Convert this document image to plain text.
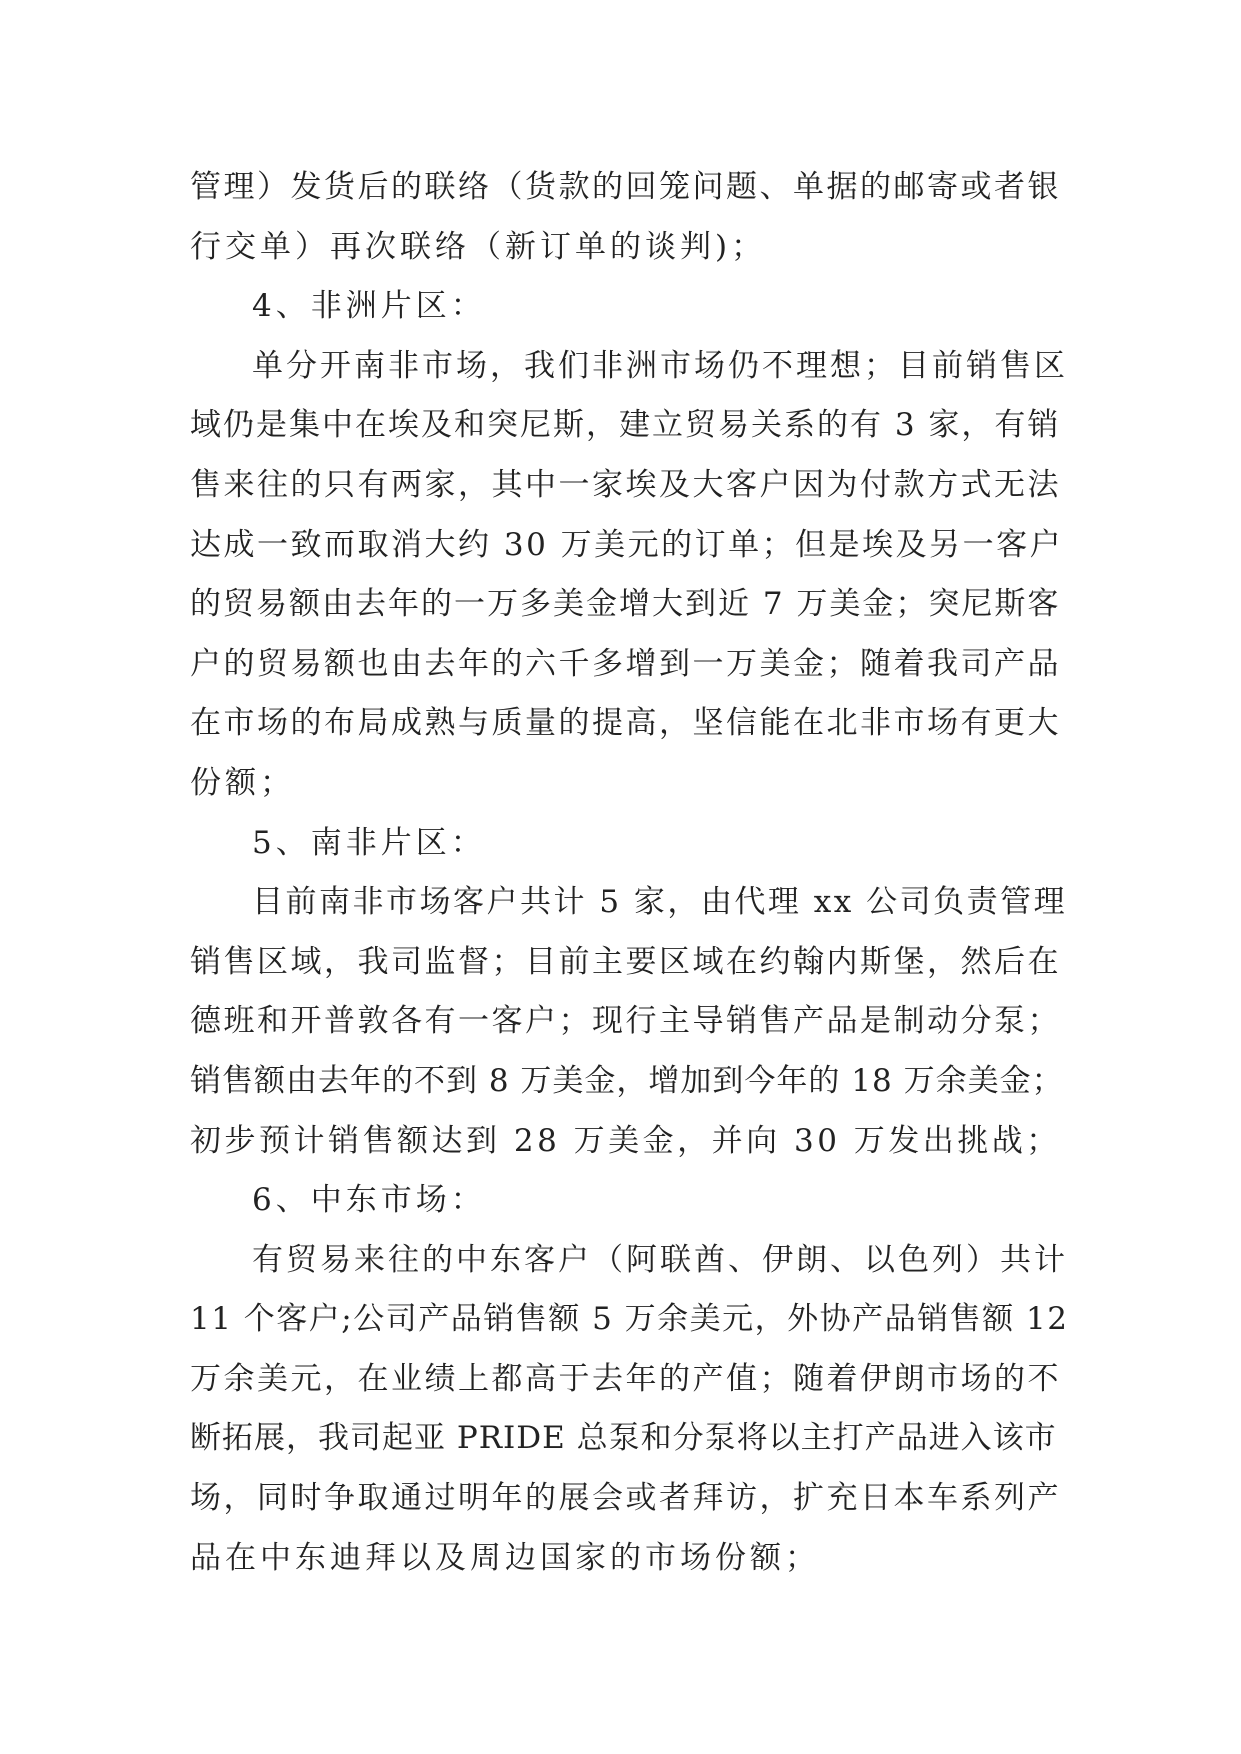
管理）发货后的联络（货款的回笼问题、单据的邮寄或者银
行交单）再次联络（新订单的谈判)；
4、非洲片区：
单分开南非市场，我们非洲市场仍不理想；目前销售区
域仍是集中在埃及和突尼斯，建立贸易关系的有 3 家，有销
售来往的只有两家，其中一家埃及大客户因为付款方式无法
达成一致而取消大约 30 万美元的订单；但是埃及另一客户
的贸易额由去年的一万多美金增大到近 7 万美金；突尼斯客
户的贸易额也由去年的六千多增到一万美金；随着我司产品
在市场的布局成熟与质量的提高，坚信能在北非市场有更大
份额；
5、南非片区：
目前南非市场客户共计 5 家，由代理 xx 公司负责管理
销售区域，我司监督；目前主要区域在约翰内斯堡，然后在
德班和开普敦各有一客户；现行主导销售产品是制动分泵；
销售额由去年的不到 8 万美金，增加到今年的 18 万余美金；
初步预计销售额达到 28 万美金，并向 30 万发出挑战；
6、中东市场：
有贸易来往的中东客户（阿联酋、伊朗、以色列）共计
11 个客户;公司产品销售额 5 万余美元，外协产品销售额 12
万余美元，在业绩上都高于去年的产值；随着伊朗市场的不
断拓展，我司起亚 PRIDE 总泵和分泵将以主打产品进入该市
场，同时争取通过明年的展会或者拜访，扩充日本车系列产
品在中东迪拜以及周边国家的市场份额；
